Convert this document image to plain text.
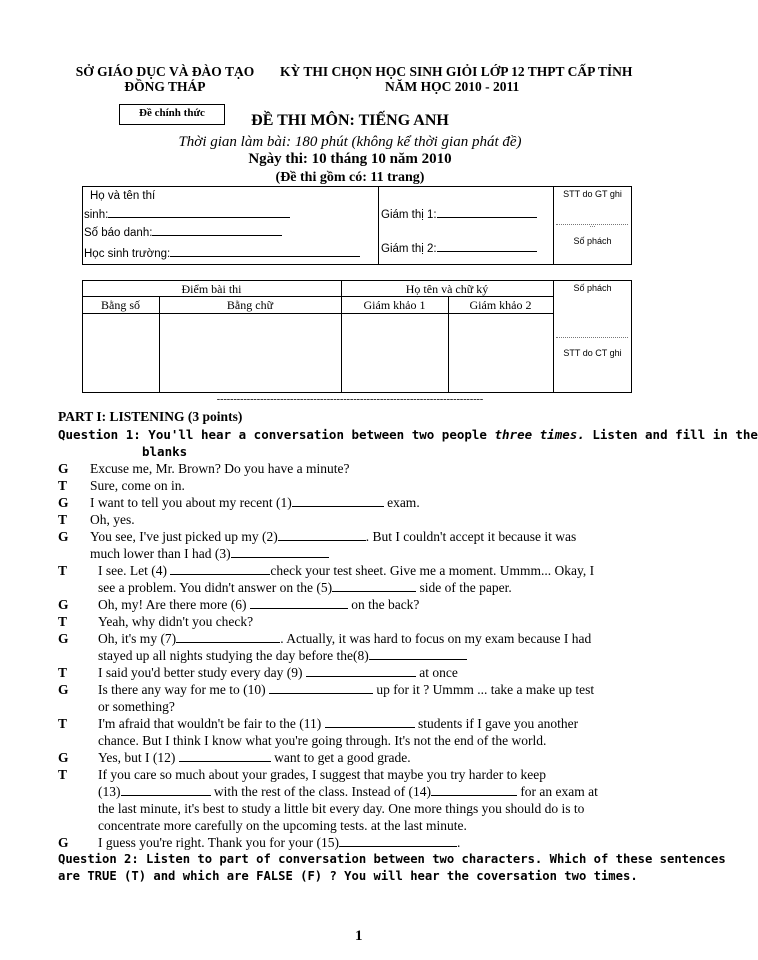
SỞ GIÁO DỤC VÀ ĐÀO TẠO
ĐỒNG THÁP
KỲ THI CHỌN HỌC SINH GIỎI LỚP 12 THPT CẤP TỈNH
NĂM HỌC 2010 - 2011
Đề chính thức	ĐỀ THI MÔN: TIẾNG ANH
Thời gian làm bài: 180 phút (không kể thời gian phát đề)
Ngày thi: 10 tháng 10 năm 2010
(Đề thi gồm có: 11 trang)
Họ và tên thí
sinh:
Số báo danh:
Học sinh trường:
Giám thị 1:
Giám thị 2:
STT do GT ghi
...
Số phách
Điểm bài thi	Họ tên và chữ ký
Bằng số	Bằng chữ	Giám khảo 1	Giám khảo 2
Số phách
STT do CT ghi
--------------------------------------------------------------------------------
PART I: LISTENING (3 points)
Question 1: You'll hear a conversation between two people three times. Listen and fill in the
blanks
G Excuse me, Mr. Brown? Do you have a minute?
T Sure, come on in.
G I want to tell you about my recent (1)	exam.
T Oh, yes.
G You see, I've just picked up my (2)	. But I couldn't accept it because it was
much lower than I had (3)
T I see. Let (4)	check your test sheet. Give me a moment. Ummm... Okay, I
see a problem. You didn't answer on the (5)	side of the paper.
G Oh, my! Are there more (6)	on the back?
T Yeah, why didn't you check?
G Oh, it's my (7)	. Actually, it was hard to focus on my exam because I had
stayed up all nights studying the day before the(8)
T I said you'd better study every day (9)	at once
G Is there any way for me to (10)	up for it ? Ummm ... take a make up test
or something?
T I'm afraid that wouldn't be fair to the (11)	students if I gave you another
chance. But I think I know what you're going through. It's not the end of the world.
G Yes, but I (12)	want to get a good grade.
T If you care so much about your grades, I suggest that maybe you try harder to keep
(13)	with the rest of the class. Instead of (14)	for an exam at
the last minute, it's best to study a little bit every day. One more things you should do is to
concentrate more carefully on the upcoming tests. at the last minute.
G I guess you're right. Thank you for your (15)	.
Question 2: Listen to part of conversation between two characters. Which of these sentences
are TRUE (T) and which are FALSE (F) ? You will hear the coversation two times.
1
